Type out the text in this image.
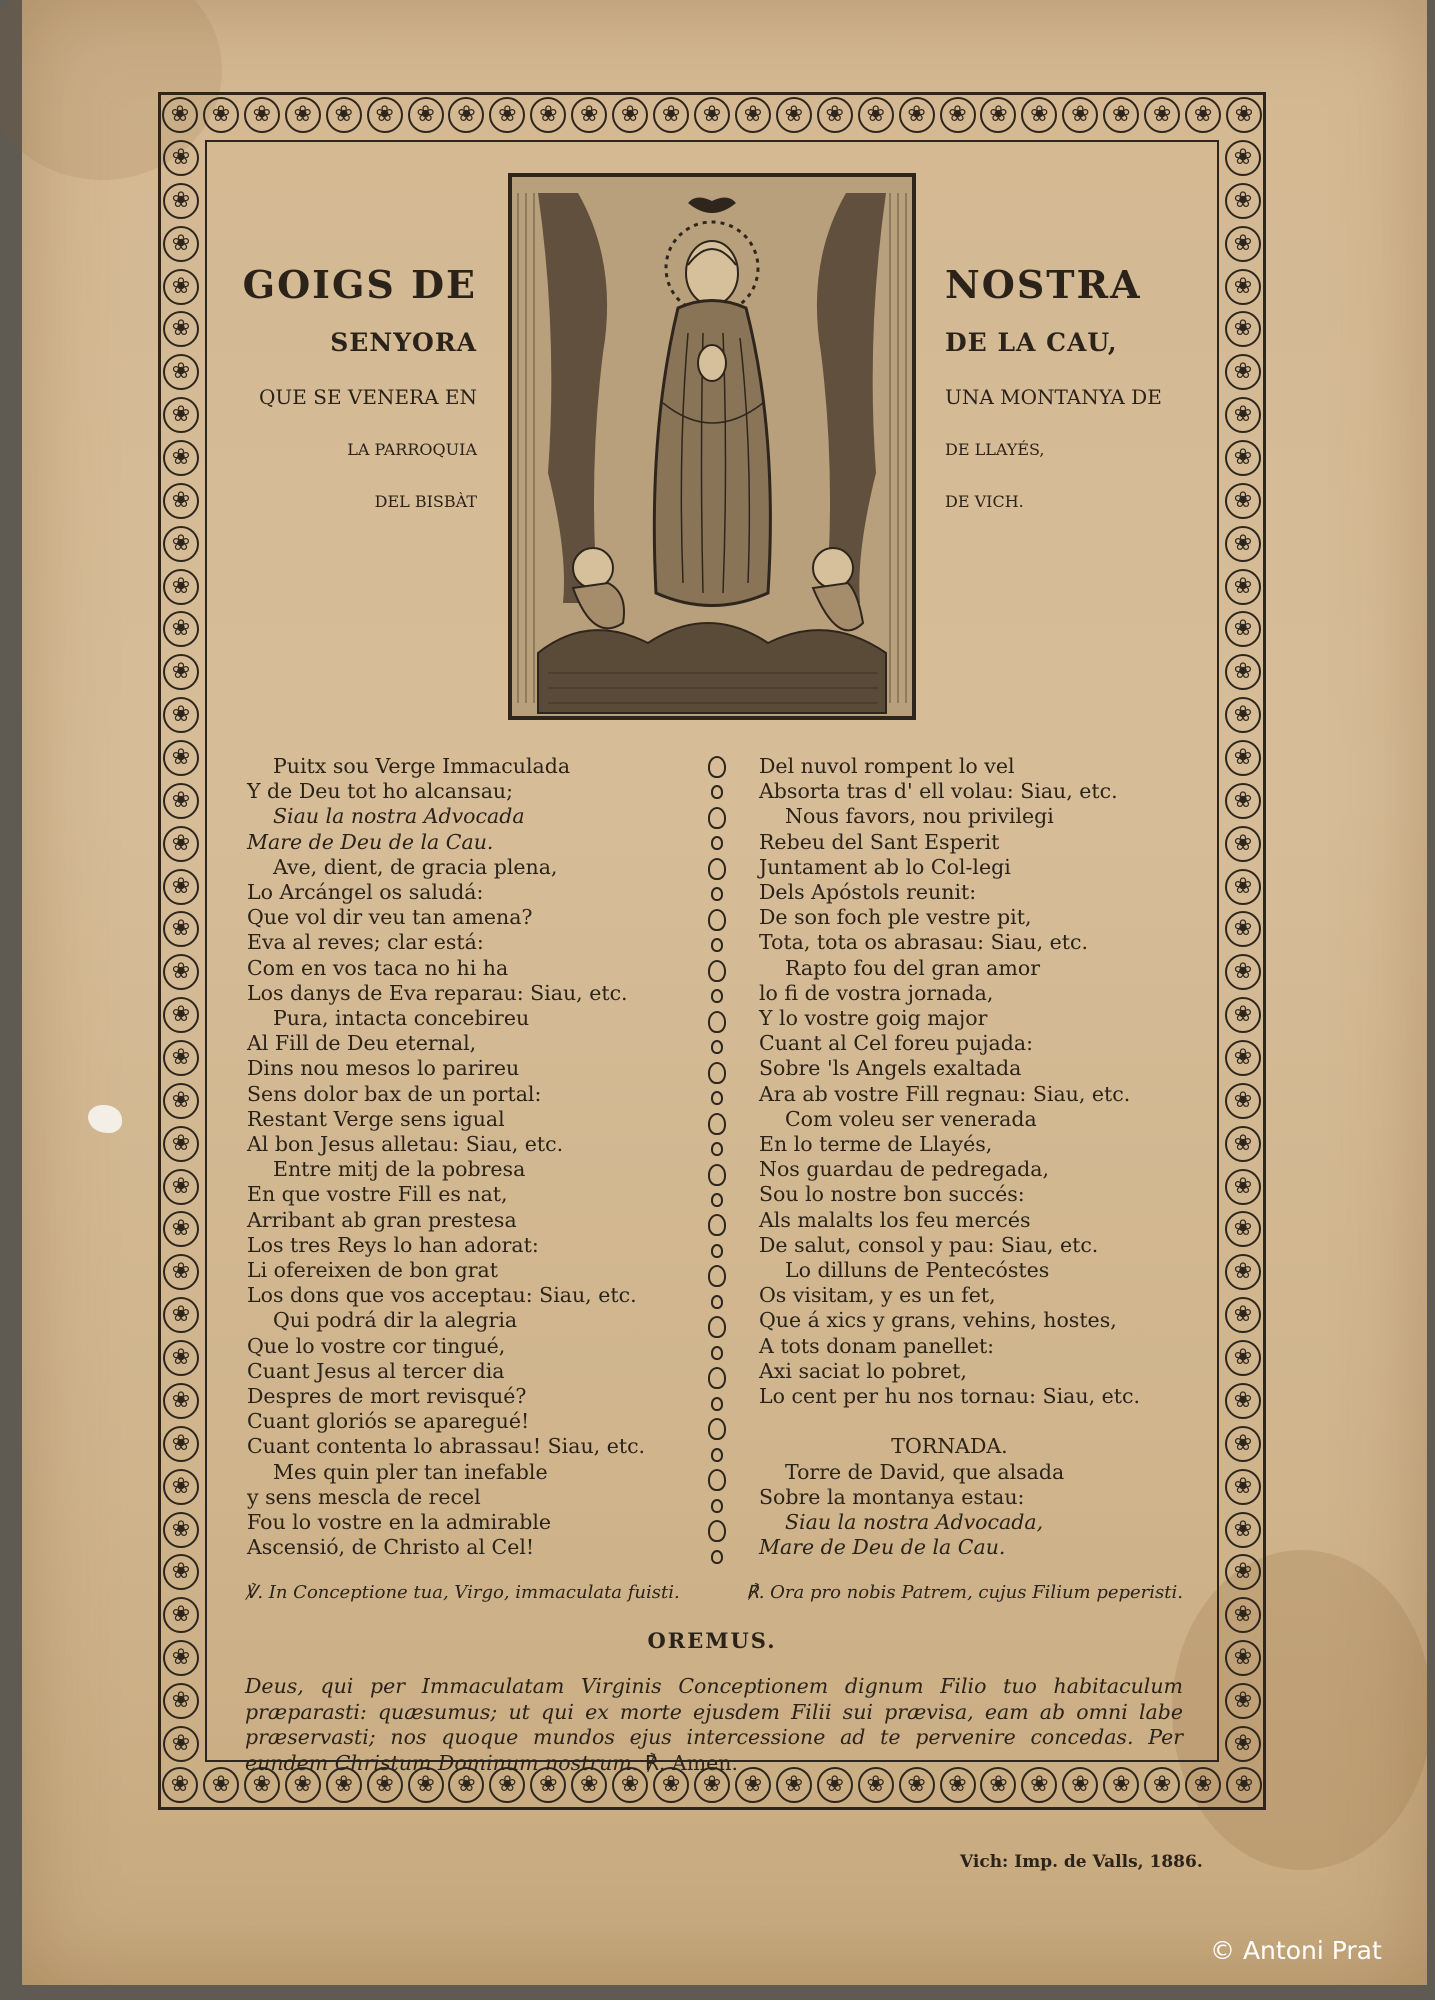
❀	❀	❀	❀	❀	❀	❀	❀	❀	❀	❀	❀	❀	❀	❀	❀	❀	❀	❀	❀	❀	❀	❀	❀	❀	❀	❀
❀	❀	❀	❀	❀	❀	❀	❀	❀	❀	❀	❀	❀	❀	❀	❀	❀	❀	❀	❀	❀	❀	❀	❀	❀	❀	❀
❀
❀
❀
❀
❀
❀
❀
❀
❀
❀
❀
❀
❀
❀
❀
❀
❀
❀
❀
❀
❀
❀
❀
❀
❀
❀
❀
❀
❀
❀
❀
❀
❀
❀
❀
❀
❀
❀
❀
❀
❀
❀
❀
❀
❀
❀
❀
❀
❀
❀
❀
❀
❀
❀
❀
❀
❀
❀
❀
❀
❀
❀
❀
❀
❀
❀
❀
❀
❀
❀
❀
❀
❀
❀
❀
❀
GOIGS DE
SENYORA
QUE SE VENERA EN
LA PARROQUIA
DEL BISBÀT
NOSTRA
DE LA CAU,
UNA MONTANYA DE
DE LLAYÉS,
DE VICH.
Puitx sou Verge Immaculada
Y de Deu tot ho alcansau;
Siau la nostra Advocada
Mare de Deu de la Cau.
Ave, dient, de gracia plena,
Lo Arcángel os saludá:
Que vol dir veu tan amena?
Eva al reves; clar está:
Com en vos taca no hi ha
Los danys de Eva reparau: Siau, etc.
Pura, intacta concebireu
Al Fill de Deu eternal,
Dins nou mesos lo parireu
Sens dolor bax de un portal:
Restant Verge sens igual
Al bon Jesus alletau: Siau, etc.
Entre mitj de la pobresa
En que vostre Fill es nat,
Arribant ab gran prestesa
Los tres Reys lo han adorat:
Li ofereixen de bon grat
Los dons que vos acceptau: Siau, etc.
Qui podrá dir la alegria
Que lo vostre cor tingué,
Cuant Jesus al tercer dia
Despres de mort revisqué?
Cuant gloriós se aparegué!
Cuant contenta lo abrassau! Siau, etc.
Mes quin pler tan inefable
y sens mescla de recel
Fou lo vostre en la admirable
Ascensió, de Christo al Cel!
Del nuvol rompent lo vel
Absorta tras d' ell volau: Siau, etc.
Nous favors, nou privilegi
Rebeu del Sant Esperit
Juntament ab lo Col-legi
Dels Apóstols reunit:
De son foch ple vestre pit,
Tota, tota os abrasau: Siau, etc.
Rapto fou del gran amor
lo fi de vostra jornada,
Y lo vostre goig major
Cuant al Cel foreu pujada:
Sobre 'ls Angels exaltada
Ara ab vostre Fill regnau: Siau, etc.
Com voleu ser venerada
En lo terme de Llayés,
Nos guardau de pedregada,
Sou lo nostre bon succés:
Als malalts los feu mercés
De salut, consol y pau: Siau, etc.
Lo dilluns de Pentecóstes
Os visitam, y es un fet,
Que á xics y grans, vehins, hostes,
A tots donam panellet:
Axi saciat lo pobret,
Lo cent per hu nos tornau: Siau, etc.

TORNADA.
Torre de David, que alsada
Sobre la montanya estau:
Siau la nostra Advocada,
Mare de Deu de la Cau.
℣. In Conceptione tua, Virgo, immaculata fuisti.	℟. Ora pro nobis Patrem, cujus Filium peperisti.
OREMUS.
Deus, qui per Immaculatam Virginis Conceptionem dignum Filio tuo habitaculum præparasti: quæsumus; ut qui ex morte ejusdem Filii sui prævisa, eam ab omni labe præservasti; nos quoque mundos ejus intercessione ad te pervenire concedas. Per eundem Christum Dominum nostrum. ℟. Amen.
Vich: Imp. de Valls, 1886.
© Antoni Prat
